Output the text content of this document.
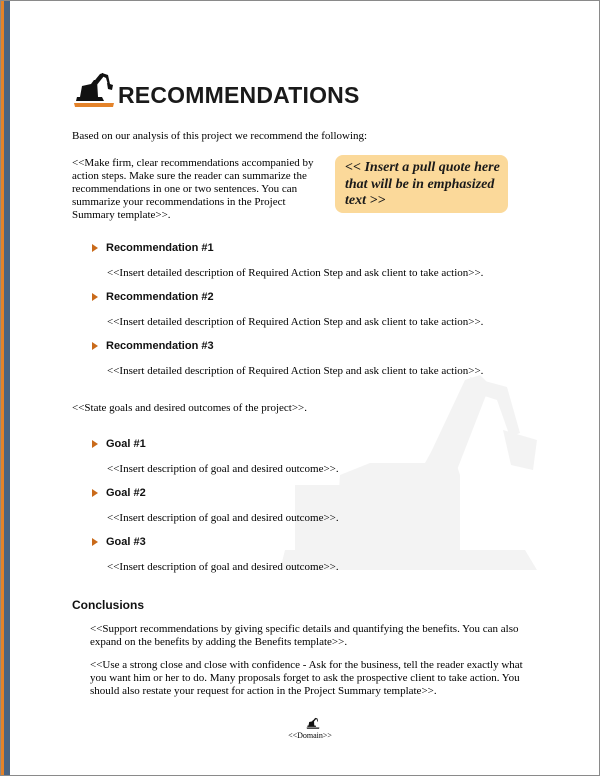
RECOMMENDATIONS
Based on our analysis of this project we recommend the following:
<<Make firm, clear recommendations accompanied by action steps. Make sure the reader can summarize the recommendations in one or two sentences. You can summarize your recommendations in the Project Summary template>>.
<< Insert a pull quote here that will be in emphasized text >>
Recommendation #1
<<Insert detailed description of Required Action Step and ask client to take action>>.
Recommendation #2
<<Insert detailed description of Required Action Step and ask client to take action>>.
Recommendation #3
<<Insert detailed description of Required Action Step and ask client to take action>>.
<<State goals and desired outcomes of the project>>.
Goal #1
<<Insert description of goal and desired outcome>>.
Goal #2
<<Insert description of goal and desired outcome>>.
Goal #3
<<Insert description of goal and desired outcome>>.
Conclusions
<<Support recommendations by giving specific details and quantifying the benefits. You can also expand on the benefits by adding the Benefits template>>.
<<Use a strong close and close with confidence - Ask for the business, tell the reader exactly what you want him or her to do. Many proposals forget to ask the prospective client to take action. You should also restate your request for action in the Project Summary template>>.
<<Domain>>
